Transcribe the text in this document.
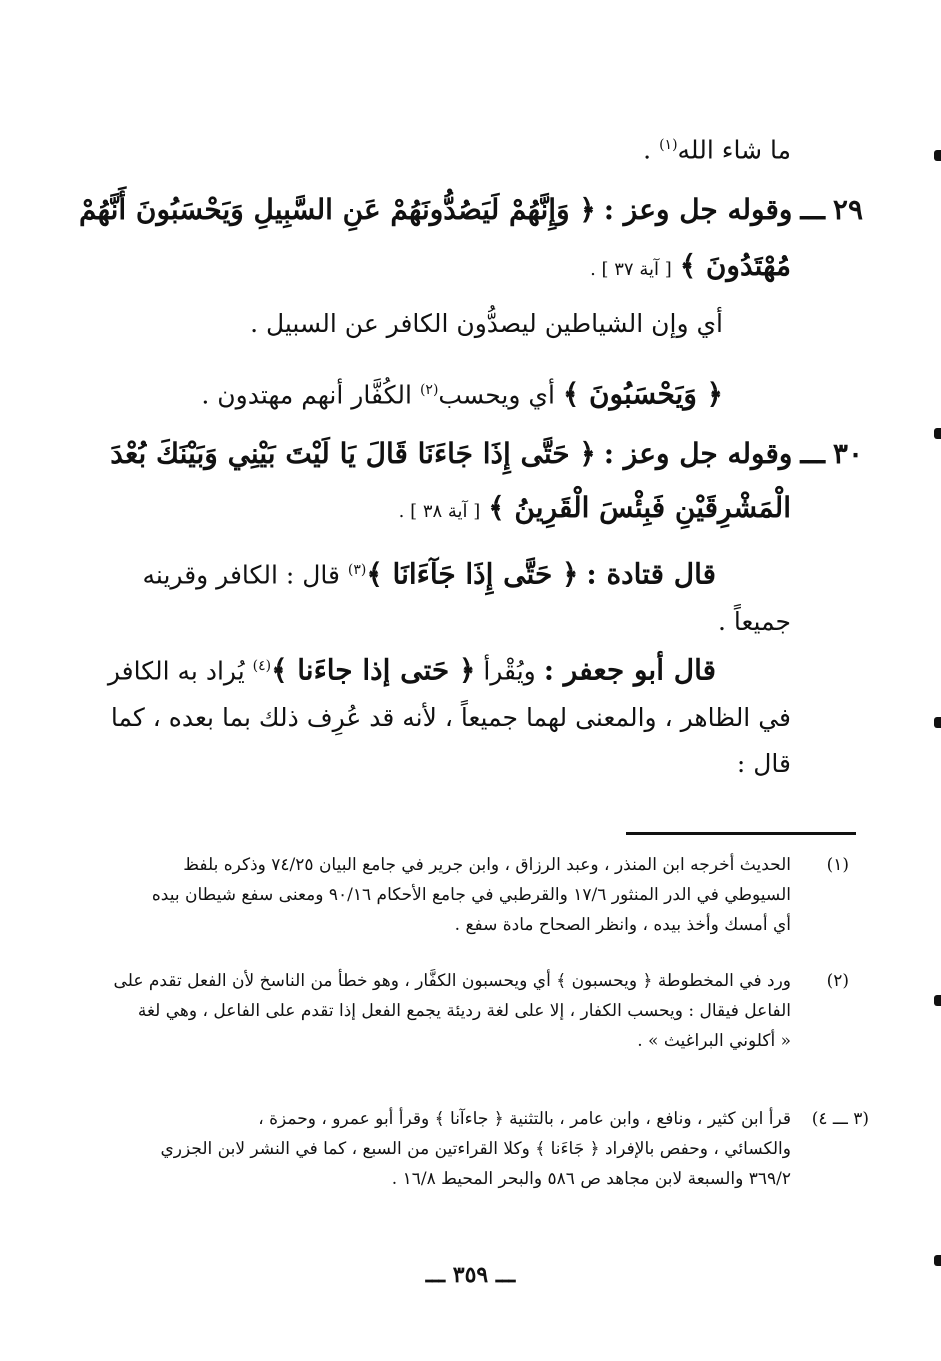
ما شاء الله$^{(١)}$ .
٢٩ ـــ وقوله جل وعز : ﴿ وَإِنَّهُمْ لَيَصُدُّونَهُمْ عَنِ السَّبِيلِ وَيَحْسَبُونَ أَنَّهُمْ
مُهْتَدُونَ ﴾ [ آية ٣٧ ] .
أي وإن الشياطين ليصدُّون الكافر عن السبيل .
﴿ وَيَحْسَبُونَ ﴾ أي ويحسب$^{(٢)}$ الكُفَّار أنهم مهتدون .
٣٠ ـــ وقوله جل وعز : ﴿ حَتَّى إِذَا جَاءَنَا قَالَ يَا لَيْتَ بَيْنِي وَبَيْنَكَ بُعْدَ
الْمَشْرِقَيْنِ فَبِئْسَ الْقَرِينُ ﴾ [ آية ٣٨ ] .
قال قتادة : ﴿ حَتَّى إِذَا جَآءَانَا ﴾$^{(٣)}$ قال : الكافر وقرينه
جميعاً .
قال أبو جعفر : ويُقْرأ ﴿ حَتى إذا جاءَنا ﴾$^{(٤)}$ يُراد به الكافر
في الظاهر ، والمعنى لهما جميعاً ، لأنه قد عُرِف ذلك بما بعده ، كما
قال :
(١)
الحديث أخرجه ابن المنذر ، وعبد الرزاق ، وابن جرير في جامع البيان ٧٤/٢٥ وذكره بلفظ
السيوطي في الدر المنثور ١٧/٦ والقرطبي في جامع الأحكام ٩٠/١٦ ومعنى سفع شيطان بيده
أي أمسك وأخذ بيده ، وانظر الصحاح مادة سفع .
(٢)
ورد في المخطوطة ﴿ ويحسبون ﴾ أي ويحسبون الكفَّار ، وهو خطأ من الناسخ لأن الفعل تقدم على
الفاعل فيقال : ويحسب الكفار ، إلا على لغة رديئة يجمع الفعل إذا تقدم على الفاعل ، وهي لغة
« أكلوني البراغيث » .
(٣ ـــ ٤)
قرأ ابن كثير ، ونافع ، وابن عامر ، بالتثنية ﴿ جاءآنا ﴾ وقرأ أبو عمرو ، وحمزة ،
والكسائي ، وحفص بالإفراد ﴿ جَاءَنا ﴾ وكلا القراءتين من السبع ، كما في النشر لابن الجزري
٣٦٩/٢ والسبعة لابن مجاهد ص ٥٨٦ والبحر المحيط ١٦/٨ .
ـــ ٣٥٩ ـــ
